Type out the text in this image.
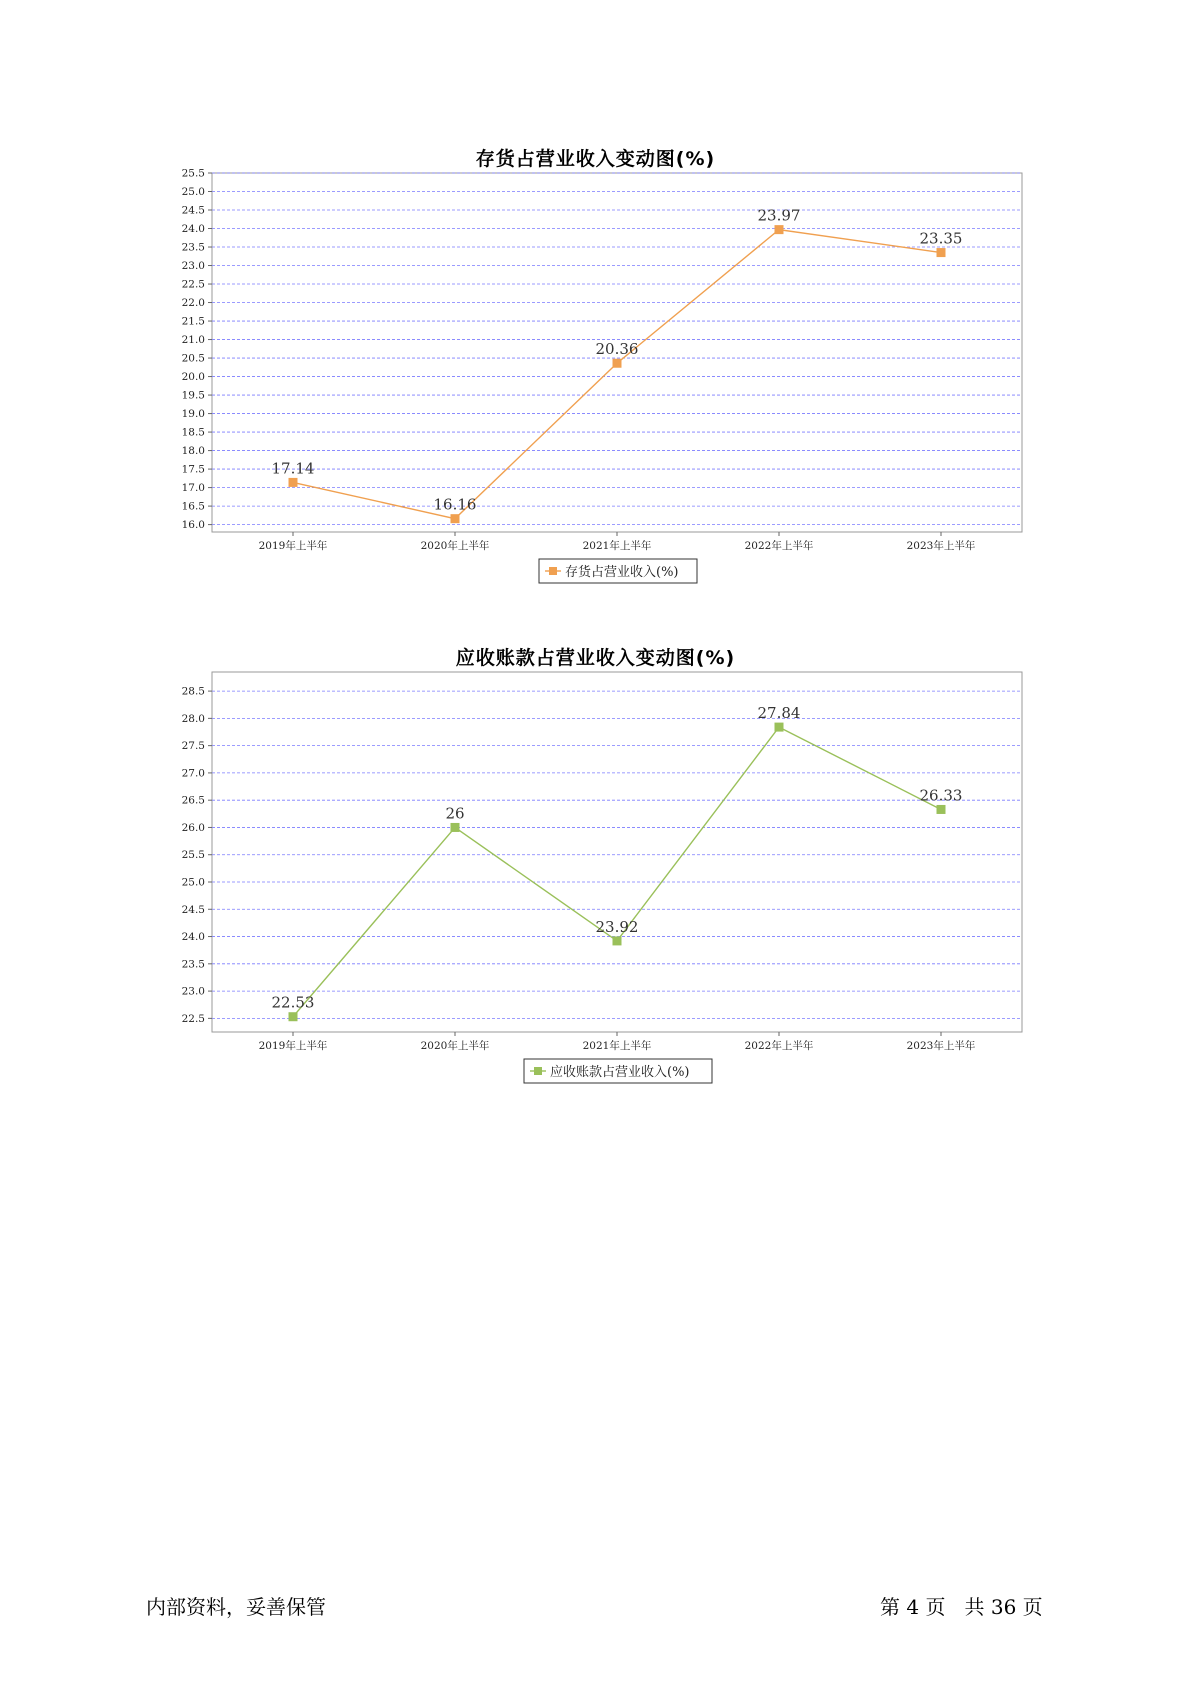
存货占营业收入变动图(%)
16.0
16.5
17.0
17.5
18.0
18.5
19.0
19.5
20.0
20.5
21.0
21.5
22.0
22.5
23.0
23.5
24.0
24.5
25.0
25.5
2019年上半年	2020年上半年	2021年上半年	2022年上半年	2023年上半年
17.14
16.16
20.36
23.97
23.35
存货占营业收入(%)
应收账款占营业收入变动图(%)
22.5
23.0
23.5
24.0
24.5
25.0
25.5
26.0
26.5
27.0
27.5
28.0
28.5
2019年上半年	2020年上半年	2021年上半年	2022年上半年	2023年上半年
22.53
26
23.92
27.84
26.33
应收账款占营业收入(%)
内部资料，妥善保管	第 4 页   共 36 页
